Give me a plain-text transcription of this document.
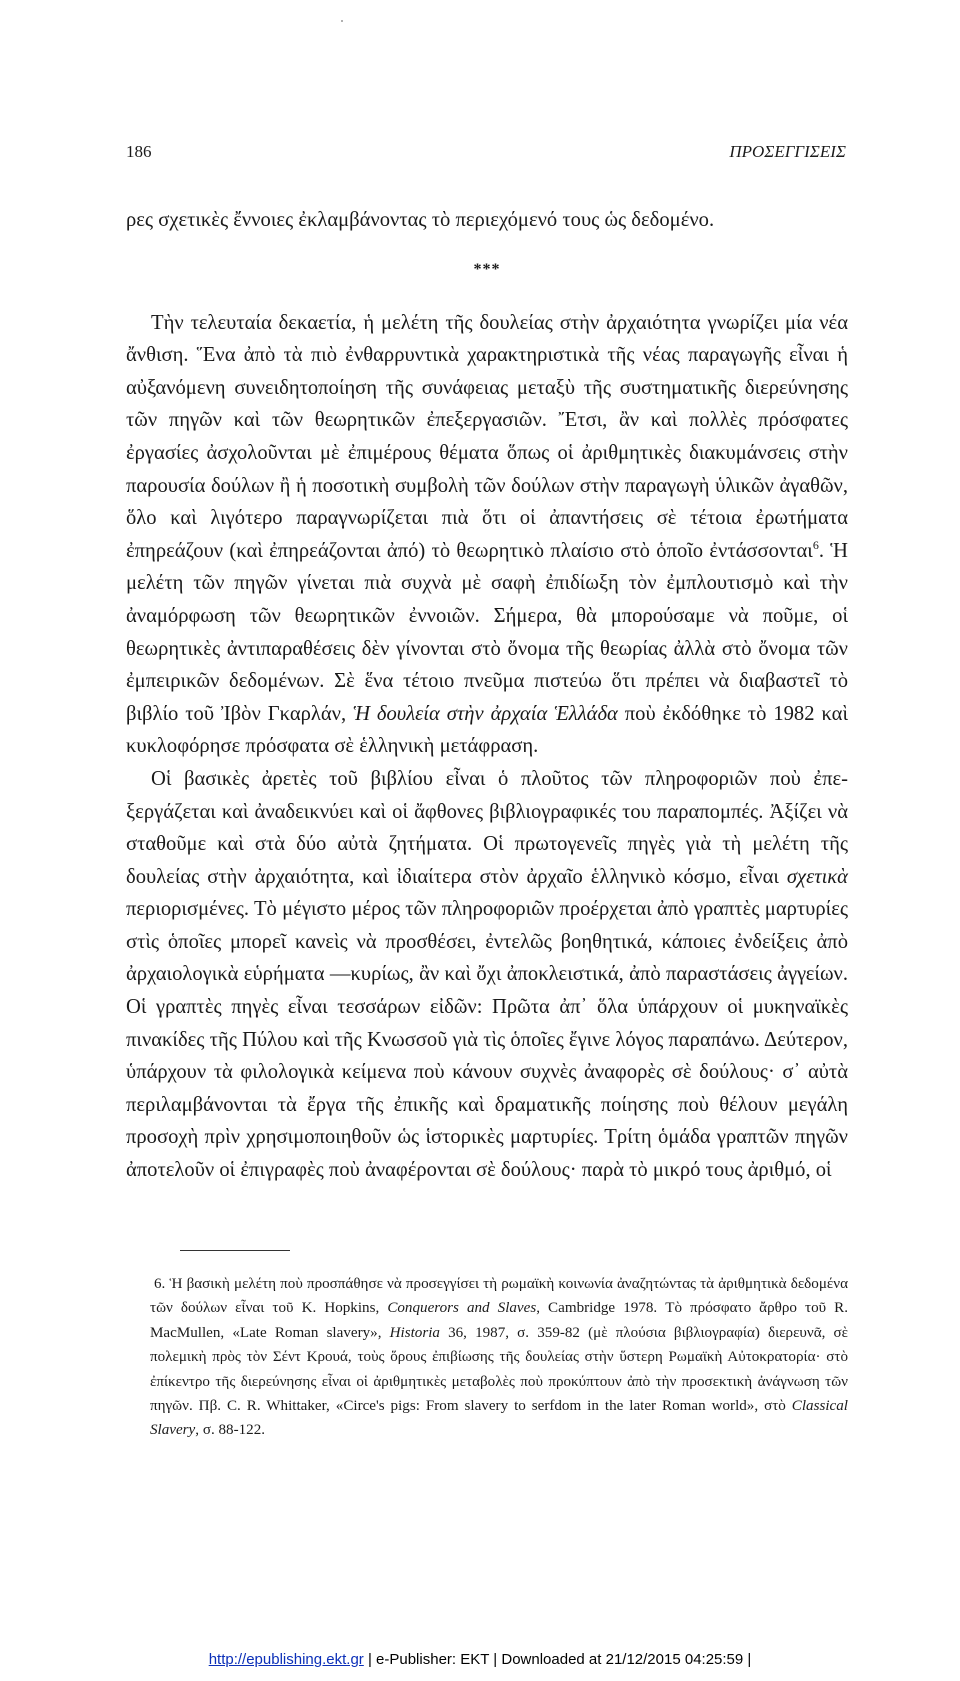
186	ΠΡΟΣΕΓΓΙΣΕΙΣ

ρες σχετικὲς ἔννοιες ἐκλαμβάνοντας τὸ περιεχόμενό τους ὡς δεδομένο.

***

Τὴν τελευταία δεκαετία, ἡ μελέτη τῆς δουλείας στὴν ἀρχαιότητα γνωρίζει μία νέα ἄνθιση. Ἕνα ἀπὸ τὰ πιὸ ἐνθαρρυντικὰ χαρακτηριστικὰ τῆς νέας παραγωγῆς εἶναι ἡ αὐξανόμενη συνειδητοποίηση τῆς συνάφειας μεταξὺ τῆς συστηματικῆς διερεύνησης τῶν πηγῶν καὶ τῶν θεωρητικῶν ἐπεξεργασιῶν. Ἔτσι, ἂν καὶ πολλὲς πρόσφατες ἐργασίες ἀσχολοῦνται μὲ ἐπιμέρους θέματα ὅπως οἱ ἀριθμητικὲς διακυμάνσεις στὴν παρουσία δούλων ἢ ἡ ποσοτικὴ συμβολὴ τῶν δούλων στὴν παραγωγὴ ὑλικῶν ἀγαθῶν, ὅλο καὶ λιγότερο παραγνωρίζεται πιὰ ὅτι οἱ ἀπαντήσεις σὲ τέτοια ἐρωτήματα ἐπηρεάζουν (καὶ ἐπηρεάζονται ἀπό) τὸ θεωρητικὸ πλαίσιο στὸ ὁποῖο ἐντάσσονται$^6$. Ἡ μελέτη τῶν πηγῶν γίνεται πιὰ συχνὰ μὲ σαφὴ ἐπιδίωξη τὸν ἐμπλουτισμὸ καὶ τὴν ἀναμόρφωση τῶν θεωρητικῶν ἐννοιῶν. Σήμερα, θὰ μπορούσαμε νὰ ποῦμε, οἱ θεωρητικὲς ἀντιπαραθέσεις δὲν γίνονται στὸ ὄνομα τῆς θεωρίας ἀλλὰ στὸ ὄνομα τῶν ἐμπειρικῶν δεδομένων. Σὲ ἕνα τέτοιο πνεῦμα πιστεύω ὅτι πρέπει νὰ διαβαστεῖ τὸ βιβλίο τοῦ Ἰβὸν Γκαρλάν, Ἡ δουλεία στὴν ἀρχαία Ἑλλάδα ποὺ ἐκδόθηκε τὸ 1982 καὶ κυκλοφόρησε πρόσφατα σὲ ἑλληνικὴ μετάφραση.

Οἱ βασικὲς ἀρετὲς τοῦ βιβλίου εἶναι ὁ πλοῦτος τῶν πληροφοριῶν ποὺ ἐπεξεργάζεται καὶ ἀναδεικνύει καὶ οἱ ἄφθονες βιβλιογραφικές του παραπομπές. Ἀξίζει νὰ σταθοῦμε καὶ στὰ δύο αὐτὰ ζητήματα. Οἱ πρωτογενεῖς πηγὲς γιὰ τὴ μελέτη τῆς δουλείας στὴν ἀρχαιότητα, καὶ ἰδιαίτερα στὸν ἀρχαῖο ἑλληνικὸ κόσμο, εἶναι σχετικὰ περιορισμένες. Τὸ μέγιστο μέρος τῶν πληροφοριῶν προέρχεται ἀπὸ γραπτὲς μαρτυρίες στὶς ὁποῖες μπορεῖ κανεὶς νὰ προσθέσει, ἐντελῶς βοηθητικά, κάποιες ἐνδείξεις ἀπὸ ἀρχαιολογικὰ εὑρήματα —κυρίως, ἂν καὶ ὄχι ἀποκλειστικά, ἀπὸ παραστάσεις ἀγγείων. Οἱ γραπτὲς πηγὲς εἶναι τεσσάρων εἰδῶν: Πρῶτα ἀπ᾽ ὅλα ὑπάρχουν οἱ μυκηναϊκὲς πινακίδες τῆς Πύλου καὶ τῆς Κνωσσοῦ γιὰ τὶς ὁποῖες ἔγινε λόγος παραπάνω. Δεύτερον, ὑπάρχουν τὰ φιλολογικὰ κείμενα ποὺ κάνουν συχνὲς ἀναφορὲς σὲ δούλους· σ᾽ αὐτὰ περιλαμβάνονται τὰ ἔργα τῆς ἐπικῆς καὶ δραματικῆς ποίησης ποὺ θέλουν μεγάλη προσοχὴ πρὶν χρησιμοποιηθοῦν ὡς ἱστορικὲς μαρτυρίες. Τρίτη ὁμάδα γραπτῶν πηγῶν ἀποτελοῦν οἱ ἐπιγραφὲς ποὺ ἀναφέρονται σὲ δούλους· παρὰ τὸ μικρό τους ἀριθμό, οἱ

6. Ἡ βασικὴ μελέτη ποὺ προσπάθησε νὰ προσεγγίσει τὴ ρωμαϊκὴ κοινωνία ἀναζητώντας τὰ ἀριθμητικὰ δεδομένα τῶν δούλων εἶναι τοῦ K. Hopkins, Conquerors and Slaves, Cambridge 1978. Τὸ πρόσφατο ἄρθρο τοῦ R. MacMullen, «Late Roman slavery», Historia 36, 1987, σ. 359-82 (μὲ πλούσια βιβλιογραφία) διερευνᾶ, σὲ πολεμικὴ πρὸς τὸν Σέντ Κρουά, τοὺς ὅρους ἐπιβίωσης τῆς δουλείας στὴν ὕστερη Ρωμαϊκὴ Αὐτοκρατορία· στὸ ἐπίκεντρο τῆς διερεύνησης εἶναι οἱ ἀριθμητικὲς μεταβολὲς ποὺ προκύπτουν ἀπὸ τὴν προσεκτικὴ ἀνάγνωση τῶν πηγῶν. Πβ. C. R. Whittaker, «Circe's pigs: From slavery to serfdom in the later Roman world», στὸ Classical Slavery, σ. 88-122.

http://epublishing.ekt.gr | e-Publisher: EKT | Downloaded at 21/12/2015 04:25:59 |
